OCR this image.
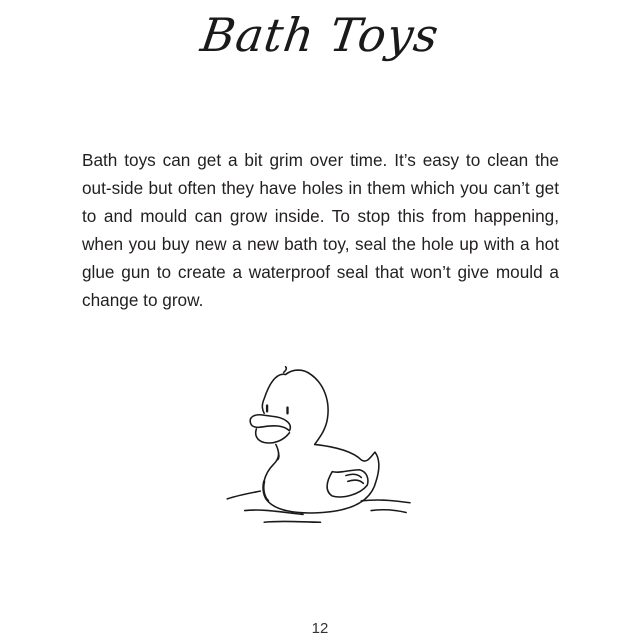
Bath Toys
Bath toys can get a bit grim over time. It’s easy to clean the out-side but often they have holes in them which you can’t get to and mould can grow inside. To stop this from happening, when you buy new a new bath toy, seal the hole up with a hot glue gun to create a waterproof seal that won’t give mould a change to grow.
12
